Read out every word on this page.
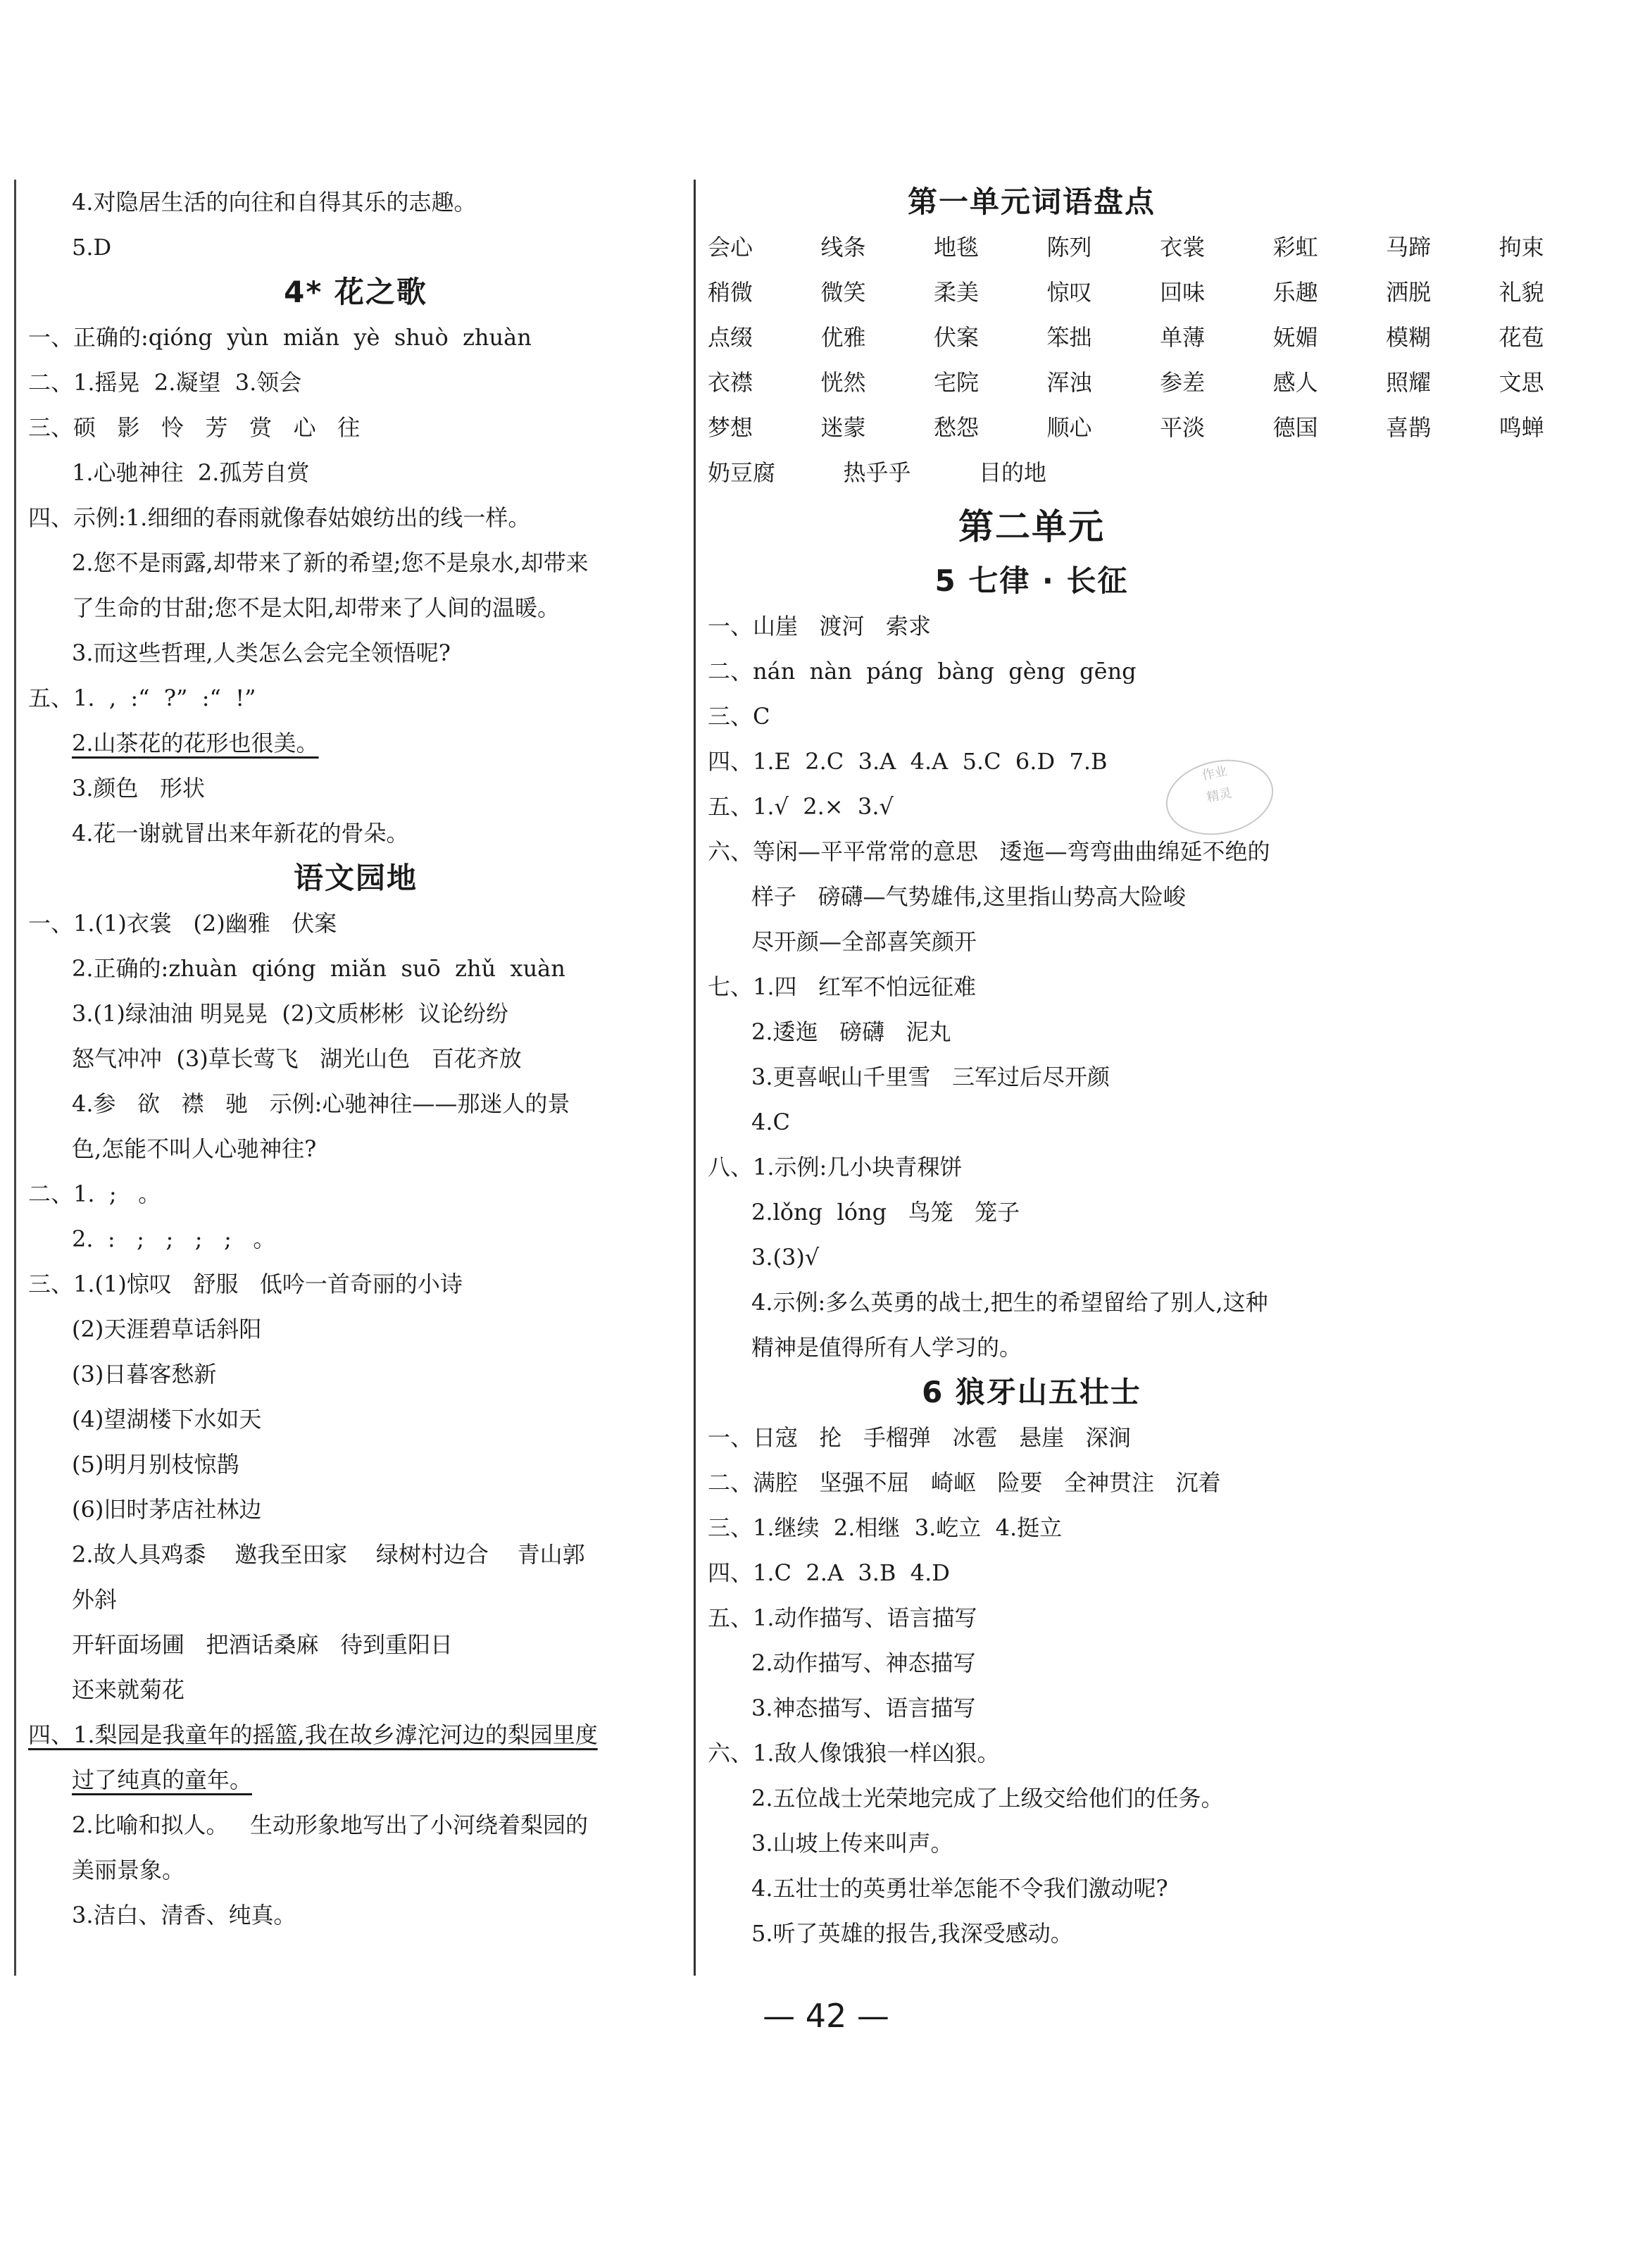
4.对隐居生活的向往和自得其乐的志趣。
5.D
4* 花之歌
一、正确的:qióng  yùn  miǎn  yè  shuò  zhuàn
二、1.摇晃  2.凝望  3.领会
三、硕   影   怜   芳   赏   心   往
1.心驰神往  2.孤芳自赏
四、示例:1.细细的春雨就像春姑娘纺出的线一样。
2.您不是雨露,却带来了新的希望;您不是泉水,却带来
了生命的甘甜;您不是太阳,却带来了人间的温暖。
3.而这些哲理,人类怎么会完全领悟呢?
五、1.  ,  :“  ?”  :“  !”
2.山茶花的花形也很美。
3.颜色   形状
4.花一谢就冒出来年新花的骨朵。
语文园地
一、1.(1)衣裳   (2)幽雅   伏案
2.正确的:zhuàn  qióng  miǎn  suō  zhǔ  xuàn
3.(1)绿油油 明晃晃  (2)文质彬彬  议论纷纷
怒气冲冲  (3)草长莺飞   湖光山色   百花齐放
4.参   欲   襟   驰   示例:心驰神往——那迷人的景
色,怎能不叫人心驰神往?
二、1.  ;   。
2.  :   ;   ;   ;   ;   。
三、1.(1)惊叹   舒服   低吟一首奇丽的小诗
(2)天涯碧草话斜阳
(3)日暮客愁新
(4)望湖楼下水如天
(5)明月别枝惊鹊
(6)旧时茅店社林边
2.故人具鸡黍    邀我至田家    绿树村边合    青山郭
外斜
开轩面场圃   把酒话桑麻   待到重阳日
还来就菊花
四、1.梨园是我童年的摇篮,我在故乡滹沱河边的梨园里度
过了纯真的童年。
2.比喻和拟人。   生动形象地写出了小河绕着梨园的
美丽景象。
3.洁白、清香、纯真。
第一单元词语盘点
会心   线条   地毯   陈列   衣裳   彩虹   马蹄   拘束
稍微   微笑   柔美   惊叹   回味   乐趣   洒脱   礼貌
点缀   优雅   伏案   笨拙   单薄   妩媚   模糊   花苞
衣襟   恍然   宅院   浑浊   参差   感人   照耀   文思
梦想   迷蒙   愁怨   顺心   平淡   德国   喜鹊   鸣蝉
奶豆腐   热乎乎   目的地
第二单元
5 七律 · 长征
一、山崖   渡河   索求
二、nán  nàn  páng  bàng  gèng  gēng
三、C
四、1.E  2.C  3.A  4.A  5.C  6.D  7.B
五、1.√  2.×  3.√
六、等闲—平平常常的意思   逶迤—弯弯曲曲绵延不绝的
样子   磅礴—气势雄伟,这里指山势高大险峻
尽开颜—全部喜笑颜开
七、1.四   红军不怕远征难
2.逶迤   磅礴   泥丸
3.更喜岷山千里雪   三军过后尽开颜
4.C
八、1.示例:几小块青稞饼
2.lǒng  lóng   鸟笼   笼子
3.(3)√
4.示例:多么英勇的战士,把生的希望留给了别人,这种
精神是值得所有人学习的。
6 狼牙山五壮士
一、日寇   抡   手榴弹   冰雹   悬崖   深涧
二、满腔   坚强不屈   崎岖   险要   全神贯注   沉着
三、1.继续  2.相继  3.屹立  4.挺立
四、1.C  2.A  3.B  4.D
五、1.动作描写、语言描写
2.动作描写、神态描写
3.神态描写、语言描写
六、1.敌人像饿狼一样凶狠。
2.五位战士光荣地完成了上级交给他们的任务。
3.山坡上传来叫声。
4.五壮士的英勇壮举怎能不令我们激动呢?
5.听了英雄的报告,我深受感动。
作业
精灵
— 42 —
